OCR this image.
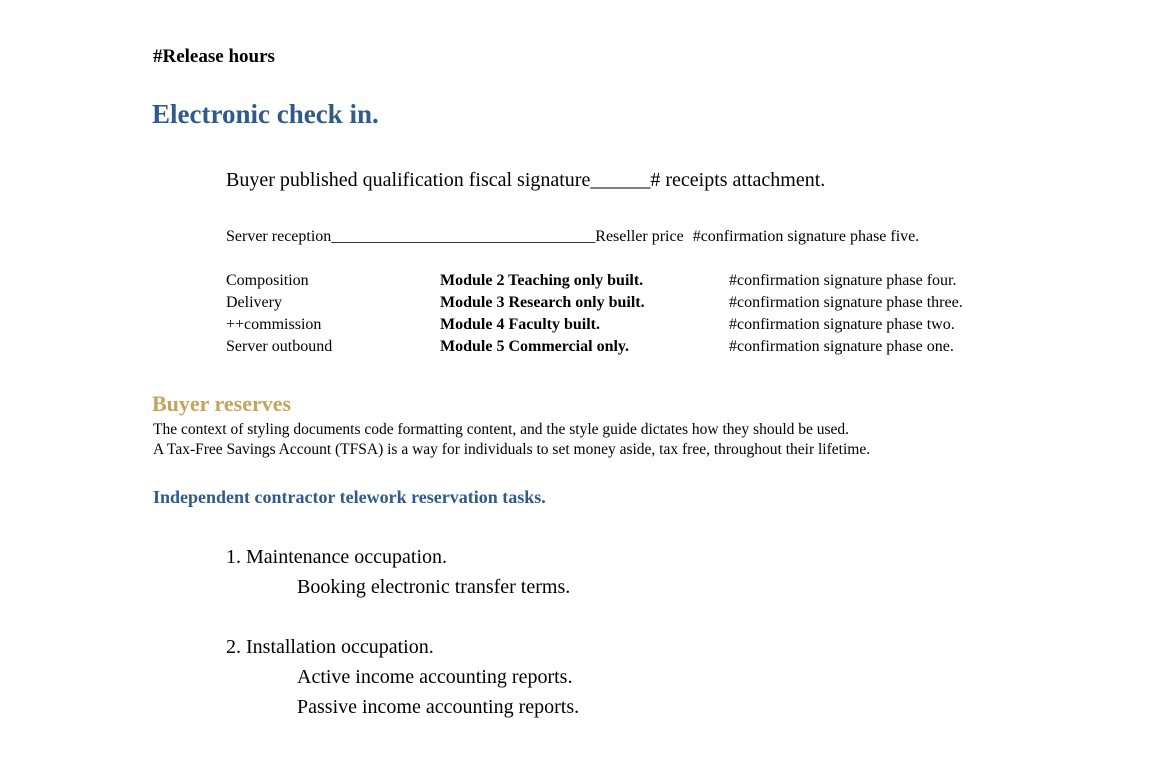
#Release hours
Electronic check in.
Buyer published qualification fiscal signature______# receipts attachment.
Server reception_________________________________Reseller price #confirmation signature phase five.
Composition	Module 2 Teaching only built.	#confirmation signature phase four.
Delivery	Module 3 Research only built.	#confirmation signature phase three.
++commission	Module 4 Faculty built.	#confirmation signature phase two.
Server outbound	Module 5 Commercial only.	#confirmation signature phase one.
Buyer reserves
The context of styling documents code formatting content, and the style guide dictates how they should be used.
A Tax-Free Savings Account (TFSA) is a way for individuals to set money aside, tax free, throughout their lifetime.
Independent contractor telework reservation tasks.
1. Maintenance occupation.
Booking electronic transfer terms.
2. Installation occupation.
Active income accounting reports.
Passive income accounting reports.
